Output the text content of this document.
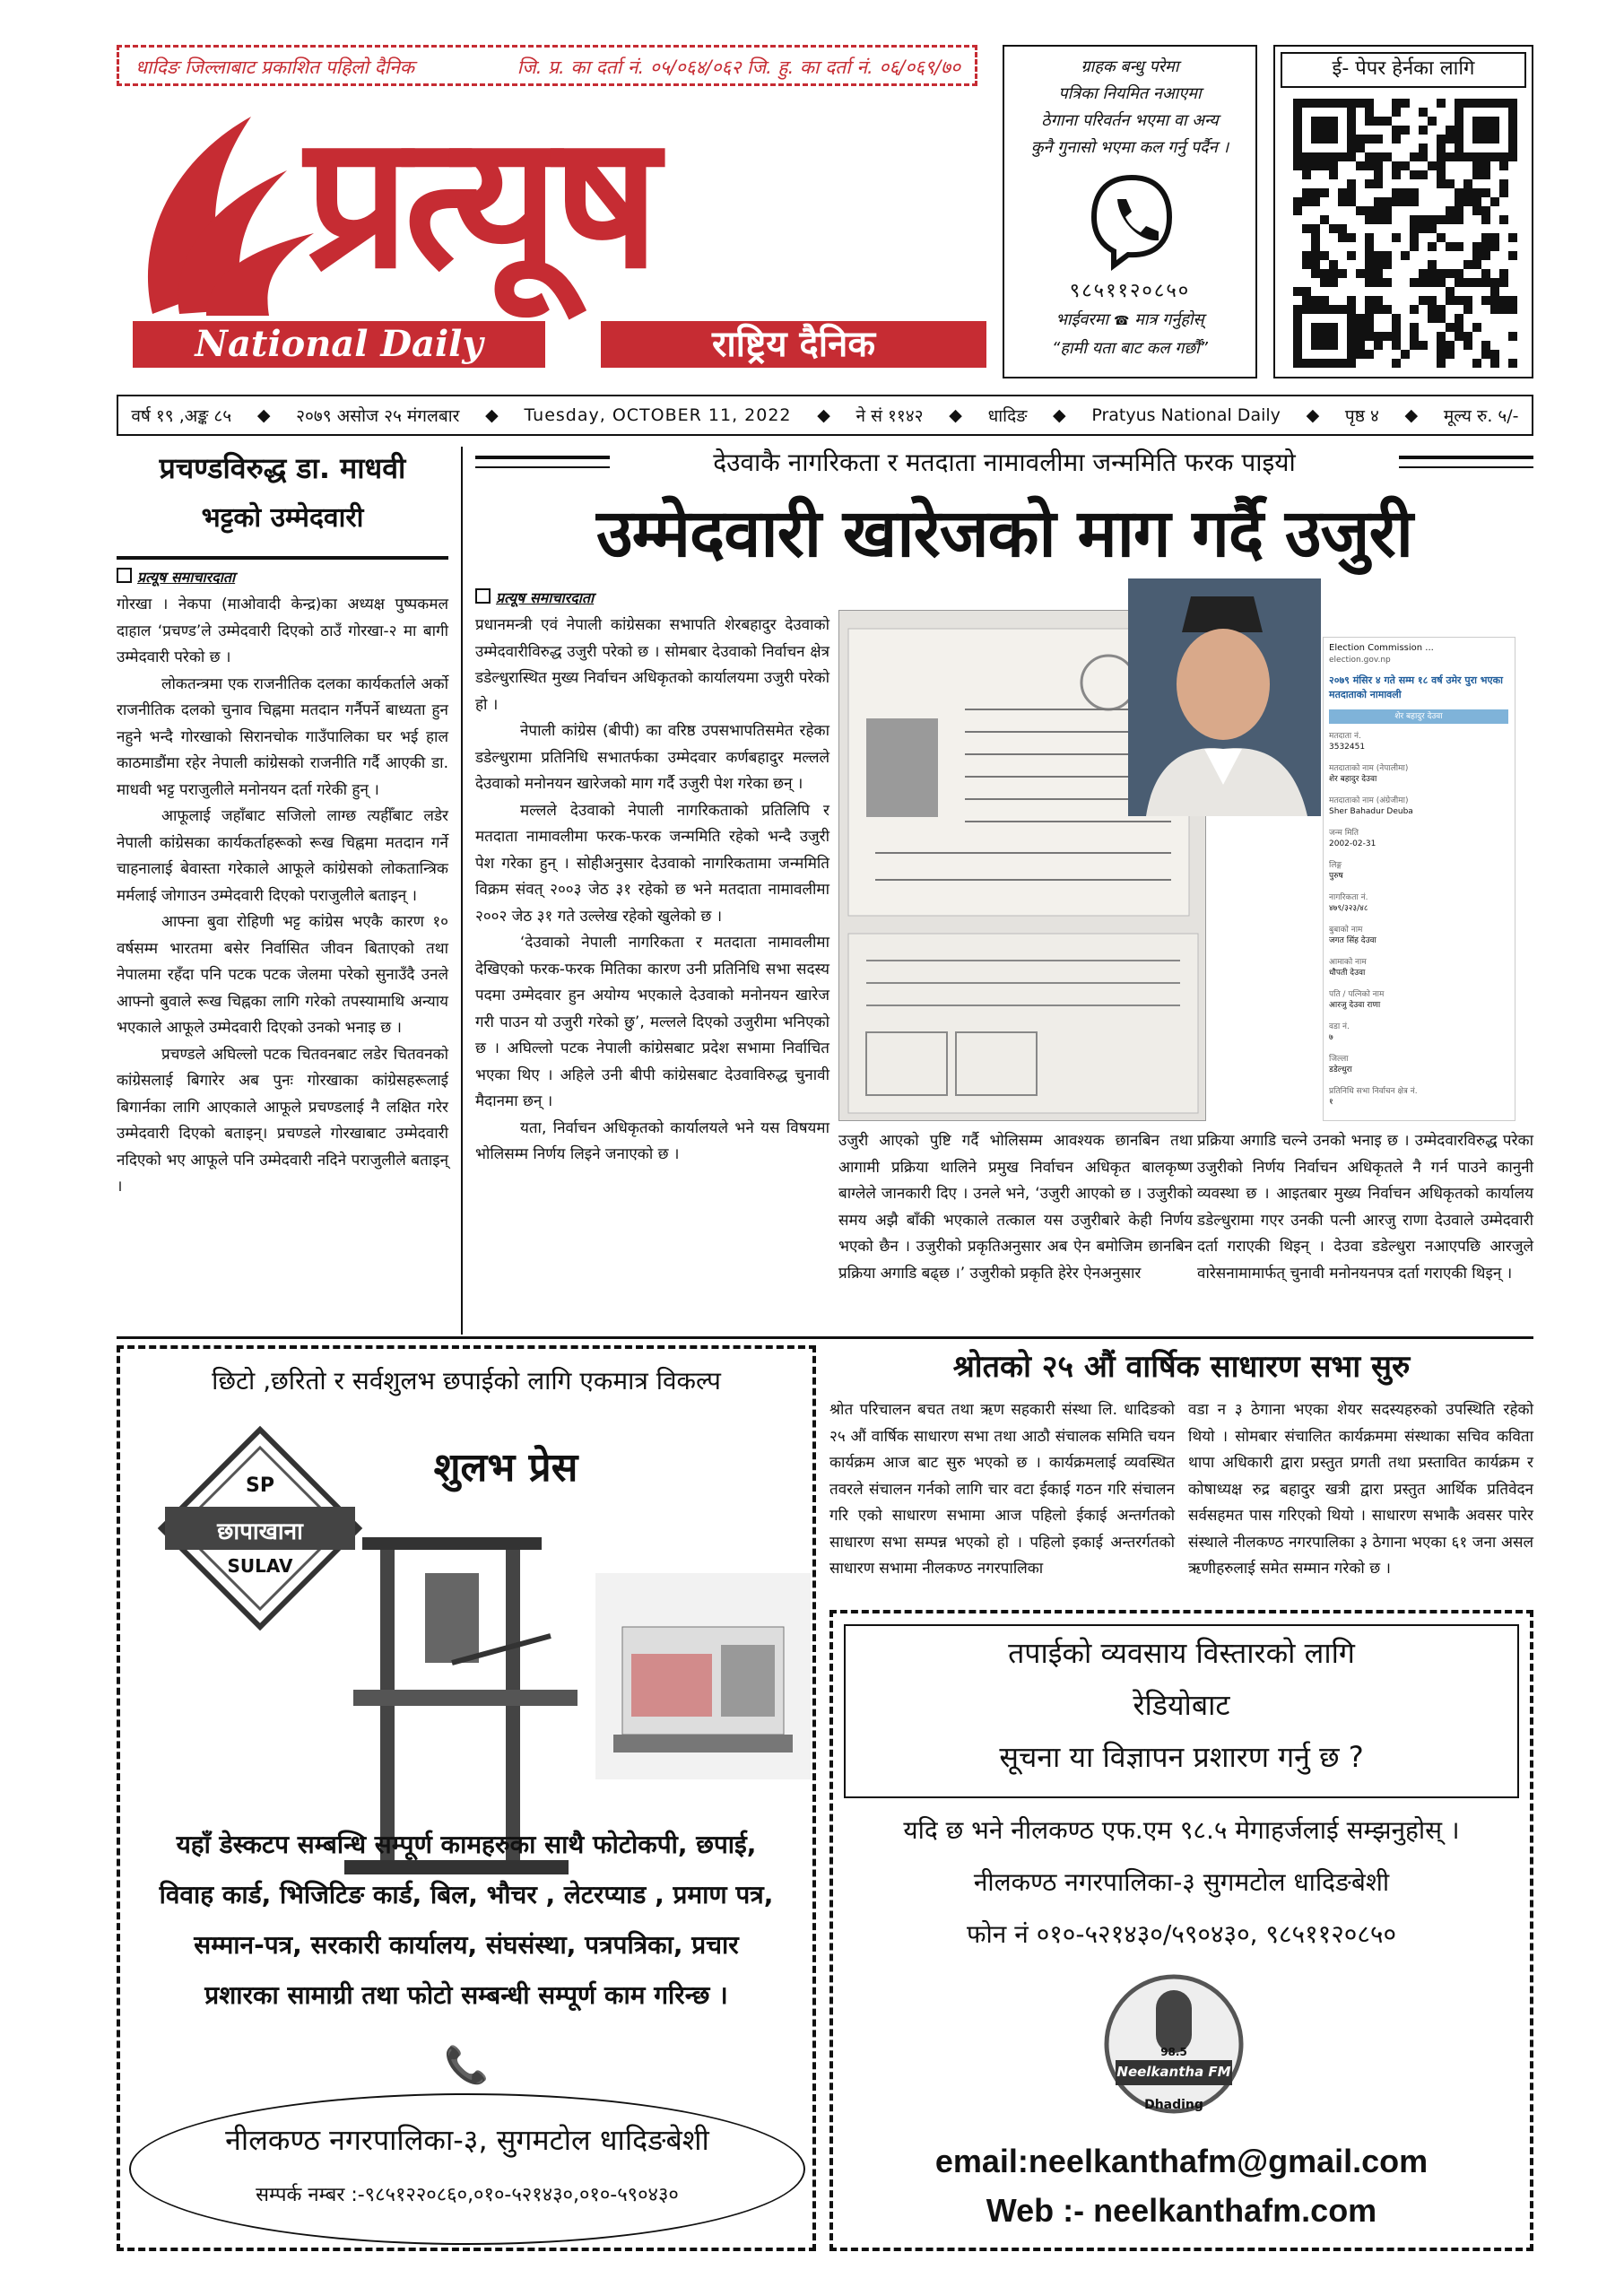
धादिङ जिल्लाबाट प्रकाशित पहिलो दैनिक	जि. प्र. का दर्ता नं. ०५/०६४/०६२ जि. हु. का दर्ता नं. ०६/०६९/७०
प्रत्यूष
National Daily	राष्ट्रिय दैनिक
ग्राहक बन्धु परेमा
पत्रिका नियमित नआएमा
ठेगाना परिवर्तन भएमा वा अन्य
कुनै गुनासो भएमा कल गर्नु पर्दैन ।
९८५११२०८५०
भाईवरमा ☎ मात्र गर्नुहोस्
“हामी यता बाट कल गर्छौं”
ई- पेपर हेर्नका लागि
वर्ष १९ ,अङ्क ८५ ◆ २०७९ असोज २५ मंगलबार ◆ Tuesday, OCTOBER 11, 2022 ◆ ने सं ११४२ ◆ धादिङ ◆ Pratyus National Daily ◆ पृष्ठ ४ ◆ मूल्य रु. ५/-
प्रचण्डविरुद्ध डा. माधवी
भट्टको उम्मेदवारी
प्रत्यूष समाचारदाता

गोरखा । नेकपा (माओवादी केन्द्र)का अध्यक्ष पुष्पकमल दाहाल ‘प्रचण्ड’ले उम्मेदवारी दिएको ठाउँ गोरखा-२ मा बागी उम्मेदवारी परेको छ ।

लोकतन्त्रमा एक राजनीतिक दलका कार्यकर्ताले अर्को राजनीतिक दलको चुनाव चिह्नमा मतदान गर्नैपर्ने बाध्यता हुन नहुने भन्दै गोरखाको सिरानचोक गाउँपालिका घर भई हाल काठमाडौंमा रहेर नेपाली कांग्रेसको राजनीति गर्दै आएकी डा. माधवी भट्ट पराजुलीले मनोनयन दर्ता गरेकी हुन् ।

आफूलाई जहाँबाट सजिलो लाग्छ त्यहीँबाट लडेर नेपाली कांग्रेसका कार्यकर्ताहरूको रूख चिह्नमा मतदान गर्ने चाहनालाई बेवास्ता गरेकाले आफूले कांग्रेसको लोकतान्त्रिक मर्मलाई जोगाउन उम्मेदवारी दिएको पराजुलीले बताइन् ।

आफ्ना बुवा रोहिणी भट्ट कांग्रेस भएकै कारण १० वर्षसम्म भारतमा बसेर निर्वासित जीवन बिताएको तथा नेपालमा रहँदा पनि पटक पटक जेलमा परेको सुनाउँदै उनले आफ्नो बुवाले रूख चिह्नका लागि गरेको तपस्यामाथि अन्याय भएकाले आफूले उम्मेदवारी दिएको उनको भनाइ छ ।

प्रचण्डले अघिल्लो पटक चितवनबाट लडेर चितवनको कांग्रेसलाई बिगारेर अब पुनः गोरखाका कांग्रेसहरूलाई बिगार्नका लागि आएकाले आफूले प्रचण्डलाई नै लक्षित गरेर उम्मेदवारी दिएको बताइन्। प्रचण्डले गोरखाबाट उम्मेदवारी नदिएको भए आफूले पनि उम्मेदवारी नदिने पराजुलीले बताइन् ।

देउवाकै नागरिकता र मतदाता नामावलीमा जन्ममिति फरक पाइयो
उम्मेदवारी खारेजको माग गर्दै उजुरी
प्रत्यूष समाचारदाता

प्रधानमन्त्री एवं नेपाली कांग्रेसका सभापति शेरबहादुर देउवाको उम्मेदवारीविरुद्ध उजुरी परेको छ । सोमबार देउवाको निर्वाचन क्षेत्र डडेल्धुरास्थित मुख्य निर्वाचन अधिकृतको कार्यालयमा उजुरी परेको हो ।

नेपाली कांग्रेस (बीपी) का वरिष्ठ उपसभापतिसमेत रहेका डडेल्धुरामा प्रतिनिधि सभातर्फका उम्मेदवार कर्णबहादुर मल्लले देउवाको मनोनयन खारेजको माग गर्दै उजुरी पेश गरेका छन् ।

मल्लले देउवाको नेपाली नागरिकताको प्रतिलिपि र मतदाता नामावलीमा फरक-फरक जन्ममिति रहेको भन्दै उजुरी पेश गरेका हुन् । सोहीअनुसार देउवाको नागरिकतामा जन्ममिति विक्रम संवत् २००३ जेठ ३१ रहेको छ भने मतदाता नामावलीमा २००२ जेठ ३१ गते उल्लेख रहेको खुलेको छ ।

‘देउवाको नेपाली नागरिकता र मतदाता नामावलीमा देखिएको फरक-फरक मितिका कारण उनी प्रतिनिधि सभा सदस्य पदमा उम्मेदवार हुन अयोग्य भएकाले देउवाको मनोनयन खारेज गरी पाउन यो उजुरी गरेको छु’, मल्लले दिएको उजुरीमा भनिएको छ । अघिल्लो पटक नेपाली कांग्रेसबाट प्रदेश सभामा निर्वाचित भएका थिए । अहिले उनी बीपी कांग्रेसबाट देउवाविरुद्ध चुनावी मैदानमा छन् ।

यता, निर्वाचन अधिकृतको कार्यालयले भने यस विषयमा भोलिसम्म निर्णय लिइने जनाएको छ ।

Election Commission ...
election.gov.np
२०७९ मंसिर ४ गते सम्म १८ वर्ष उमेर पुरा भएका मतदाताको नामावली
शेर बहादुर देउवा
मतदाता नं.
3532451
मतदाताको नाम (नेपालीमा)
शेर बहादुर देउवा
मतदाताको नाम (अंग्रेजीमा)
Sher Bahadur Deuba
जन्म मिति
2002-02-31
लिङ्ग
पुरुष
नागरिकता नं.
४७९/३२३/४८
बुबाको नाम
जगत सिंह देउवा
आमाको नाम
धौपती देउवा
पति / पत्निको नाम
आरजु देउवा राणा
वडा नं.
७
जिल्ला
डडेल्धुरा
प्रतिनिधि सभा निर्वाचन क्षेत्र नं.
१
उजुरी आएको पुष्टि गर्दै भोलिसम्म आवश्यक छानबिन तथा आगामी प्रक्रिया थालिने प्रमुख निर्वाचन अधिकृत बालकृष्ण बाग्लेले जानकारी दिए । उनले भने, ‘उजुरी आएको छ । उजुरीको समय अझै बाँकी भएकाले तत्काल यस उजुरीबारे केही निर्णय भएको छैन । उजुरीको प्रकृतिअनुसार अब ऐन बमोजिम छानबिन प्रक्रिया अगाडि बढ्छ ।’ उजुरीको प्रकृति हेरेर ऐनअनुसार
प्रक्रिया अगाडि चल्ने उनको भनाइ छ । उम्मेदवारविरुद्ध परेका उजुरीको निर्णय निर्वाचन अधिकृतले नै गर्न पाउने कानुनी व्यवस्था छ । आइतबार मुख्य निर्वाचन अधिकृतको कार्यालय डडेल्धुरामा गएर उनकी पत्नी आरजु राणा देउवाले उम्मेदवारी दर्ता गराएकी थिइन् । देउवा डडेल्धुरा नआएपछि आरजुले वारेसनामामार्फत् चुनावी मनोनयनपत्र दर्ता गराएकी थिइन् ।
छिटो ,छरितो र सर्वशुलभ छपाईको लागि एकमात्र विकल्प
SP
छापाखाना
SULAV
शुलभ प्रेस
यहाँ डेस्कटप सम्बन्धि सम्पूर्ण कामहरुका साथै फोटोकपी, छपाई,
विवाह कार्ड, भिजिटिङ कार्ड, बिल, भौचर , लेटरप्याड , प्रमाण पत्र,
सम्मान-पत्र, सरकारी कार्यालय, संघसंस्था, पत्रपत्रिका, प्रचार
प्रशारका सामाग्री तथा फोटो सम्बन्धी सम्पूर्ण काम गरिन्छ ।
📞
नीलकण्ठ नगरपालिका-३, सुगमटोल धादिङबेशी
सम्पर्क नम्बर :-९८५१२२०८६०,०१०-५२१४३०,०१०-५९०४३०
श्रोतको २५ औं वार्षिक साधारण सभा सुरु
श्रोत परिचालन बचत तथा ऋण सहकारी संस्था लि. धादिङको २५ औं वार्षिक साधारण सभा तथा आठौ संचालक समिति चयन कार्यक्रम आज बाट सुरु भएको छ । कार्यक्रमलाई व्यवस्थित तवरले संचालन गर्नको लागि चार वटा ईकाई गठन गरि संचालन गरि एको साधारण सभामा आज पहिलो ईकाई अन्तर्गतको साधारण सभा सम्पन्न भएको हो । पहिलो इकाई अन्तरर्गतको साधारण सभामा नीलकण्ठ नगरपालिका
वडा न ३ ठेगाना भएका शेयर सदस्यहरुको उपस्थिति रहेको थियो । सोमबार संचालित कार्यक्रममा संस्थाका सचिव कविता थापा अधिकारी द्वारा प्रस्तुत प्रगती तथा प्रस्तावित कार्यक्रम र कोषाध्यक्ष रुद्र बहादुर खत्री द्वारा प्रस्तुत आर्थिक प्रतिवेदन सर्वसहमत पास गरिएको थियो । साधारण सभाकै अवसर पारेर संस्थाले नीलकण्ठ नगरपालिका ३ ठेगाना भएका ६१ जना असल ऋणीहरुलाई समेत सम्मान गरेको छ ।
तपाईको व्यवसाय विस्तारको लागि
रेडियोबाट
सूचना या विज्ञापन प्रशारण गर्नु छ ?
यदि छ भने नीलकण्ठ एफ.एम ९८.५ मेगाहर्जलाई सम्झनुहोस् ।
नीलकण्ठ नगरपालिका-३ सुगमटोल धादिङबेशी
फोन नं ०१०-५२१४३०/५९०४३०, ९८५११२०८५०
98.5
Neelkantha FM
Dhading
email:neelkanthafm@gmail.com
Web :- neelkanthafm.com
